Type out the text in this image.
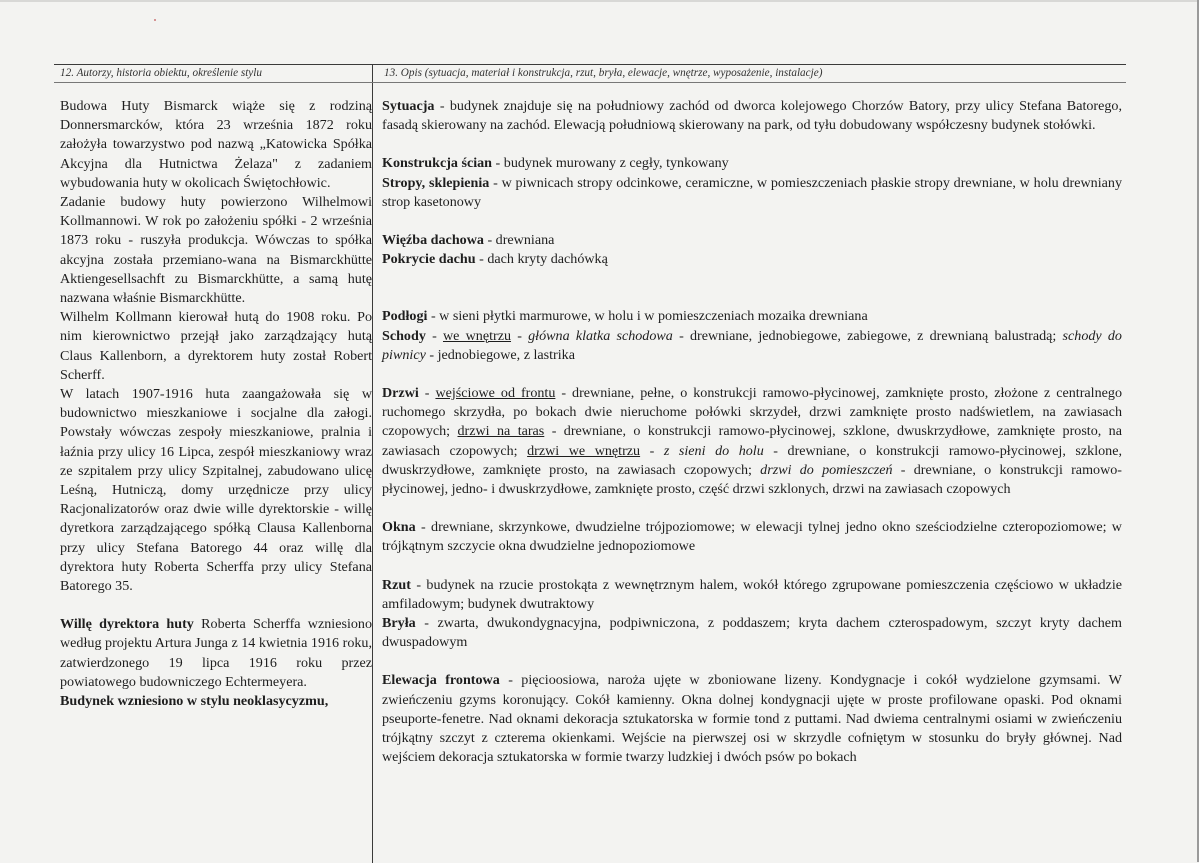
12. Autorzy, historia obiektu, określenie stylu	13. Opis (sytuacja, materiał i konstrukcja, rzut, bryła, elewacje, wnętrze, wyposażenie, instalacje)

Budowa Huty Bismarck wiąże się z rodziną Donnersmarcków, która 23 września 1872 roku założyła towarzystwo pod nazwą „Katowicka Spółka Akcyjna dla Hutnictwa Żelaza" z zadaniem wybudowania huty w okolicach Świętochłowic.

Zadanie budowy huty powierzono Wilhelmowi Kollmannowi. W rok po założeniu spółki - 2 września 1873 roku - ruszyła produkcja. Wówczas to spółka akcyjna została przemiano-wana na Bismarckhütte Aktiengesellsachft zu Bismarckhütte, a samą hutę nazwana właśnie Bismarckhütte.

Wilhelm Kollmann kierował hutą do 1908 roku. Po nim kierownictwo przejął jako zarządzający hutą Claus Kallenborn, a dyrektorem huty został Robert Scherff.

W latach 1907-1916 huta zaangażowała się w budownictwo mieszkaniowe i socjalne dla załogi. Powstały wówczas zespoły mieszkaniowe, pralnia i łaźnia przy ulicy 16 Lipca, zespół mieszkaniowy wraz ze szpitalem przy ulicy Szpitalnej, zabudowano ulicę Leśną, Hutniczą, domy urzędnicze przy ulicy Racjonalizatorów oraz dwie wille dyrektorskie - willę dyretkora zarządzającego spółką Clausa Kallenborna przy ulicy Stefana Batorego 44 oraz willę dla dyrektora huty Roberta Scherffa przy ulicy Stefana Batorego 35.

Willę dyrektora huty Roberta Scherffa wzniesiono według projektu Artura Junga z 14 kwietnia 1916 roku, zatwierdzonego 19 lipca 1916 roku przez powiatowego budowniczego Echtermeyera.

Budynek wzniesiono w stylu neoklasycyzmu,

Sytuacja - budynek znajduje się na południowy zachód od dworca kolejowego Chorzów Batory, przy ulicy Stefana Batorego, fasadą skierowany na zachód. Elewacją południową skierowany na park, od tyłu dobudowany współczesny budynek stołówki.

Konstrukcja ścian - budynek murowany z cegły, tynkowany

Stropy, sklepienia - w piwnicach stropy odcinkowe, ceramiczne, w pomieszczeniach płaskie stropy drewniane, w holu drewniany strop kasetonowy

Więźba dachowa - drewniana

Pokrycie dachu - dach kryty dachówką

Podłogi - w sieni płytki marmurowe, w holu i w pomieszczeniach mozaika drewniana

Schody - we wnętrzu - główna klatka schodowa - drewniane, jednobiegowe, zabiegowe, z drewnianą balustradą; schody do piwnicy - jednobiegowe, z lastrika

Drzwi - wejściowe od frontu - drewniane, pełne, o konstrukcji ramowo-płycinowej, zamknięte prosto, złożone z centralnego ruchomego skrzydła, po bokach dwie nieruchome połówki skrzydeł, drzwi zamknięte prosto nadświetlem, na zawiasach czopowych; drzwi na taras - drewniane, o konstrukcji ramowo-płycinowej, szklone, dwuskrzydłowe, zamknięte prosto, na zawiasach czopowych; drzwi we wnętrzu - z sieni do holu - drewniane, o konstrukcji ramowo-płycinowej, szklone, dwuskrzydłowe, zamknięte prosto, na zawiasach czopowych; drzwi do pomieszczeń - drewniane, o konstrukcji ramowo-płycinowej, jedno- i dwuskrzydłowe, zamknięte prosto, część drzwi szklonych, drzwi na zawiasach czopowych

Okna - drewniane, skrzynkowe, dwudzielne trójpoziomowe; w elewacji tylnej jedno okno sześciodzielne czteropoziomowe; w trójkątnym szczycie okna dwudzielne jednopoziomowe

Rzut - budynek na rzucie prostokąta z wewnętrznym halem, wokół którego zgrupowane pomieszczenia częściowo w układzie amfiladowym; budynek dwutraktowy

Bryła - zwarta, dwukondygnacyjna, podpiwniczona, z poddaszem; kryta dachem czterospadowym, szczyt kryty dachem dwuspadowym

Elewacja frontowa - pięcioosiowa, naroża ujęte w zboniowane lizeny. Kondygnacje i cokół wydzielone gzymsami. W zwieńczeniu gzyms koronujący. Cokół kamienny. Okna dolnej kondygnacji ujęte w proste profilowane opaski. Pod oknami pseuporte-fenetre. Nad oknami dekoracja sztukatorska w formie tond z puttami. Nad dwiema centralnymi osiami w zwieńczeniu trójkątny szczyt z czterema okienkami. Wejście na pierwszej osi w skrzydle cofniętym w stosunku do bryły głównej. Nad wejściem dekoracja sztukatorska w formie twarzy ludzkiej i dwóch psów po bokach
